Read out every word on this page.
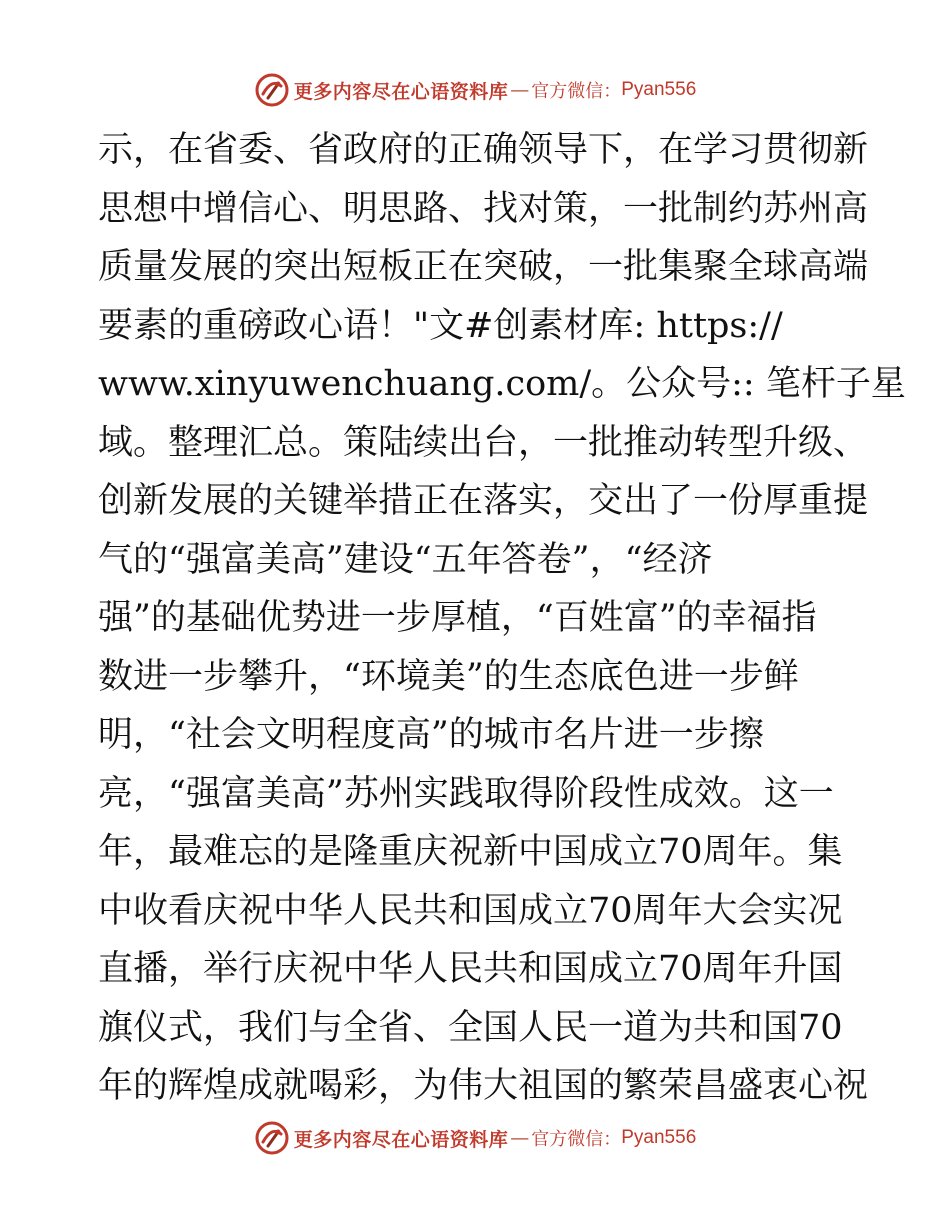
更多内容尽在心语资料库 — 官方微信： Pyan556
示，在省委、省政府的正确领导下，在学习贯彻新
思想中增信心、明思路、找对策，一批制约苏州高
质量发展的突出短板正在突破，一批集聚全球高端
要素的重磅政心语！"文#创素材库: https://
www.xinyuwenchuang.com/。公众号:: 笔杆子星
域。整理汇总。策陆续出台，一批推动转型升级、
创新发展的关键举措正在落实，交出了一份厚重提
气的“强富美高”建设“五年答卷”，“经济
强”的基础优势进一步厚植，“百姓富”的幸福指
数进一步攀升，“环境美”的生态底色进一步鲜
明，“社会文明程度高”的城市名片进一步擦
亮，“强富美高”苏州实践取得阶段性成效。这一
年，最难忘的是隆重庆祝新中国成立70周年。集
中收看庆祝中华人民共和国成立70周年大会实况
直播，举行庆祝中华人民共和国成立70周年升国
旗仪式，我们与全省、全国人民一道为共和国70
年的辉煌成就喝彩，为伟大祖国的繁荣昌盛衷心祝
更多内容尽在心语资料库 — 官方微信： Pyan556
